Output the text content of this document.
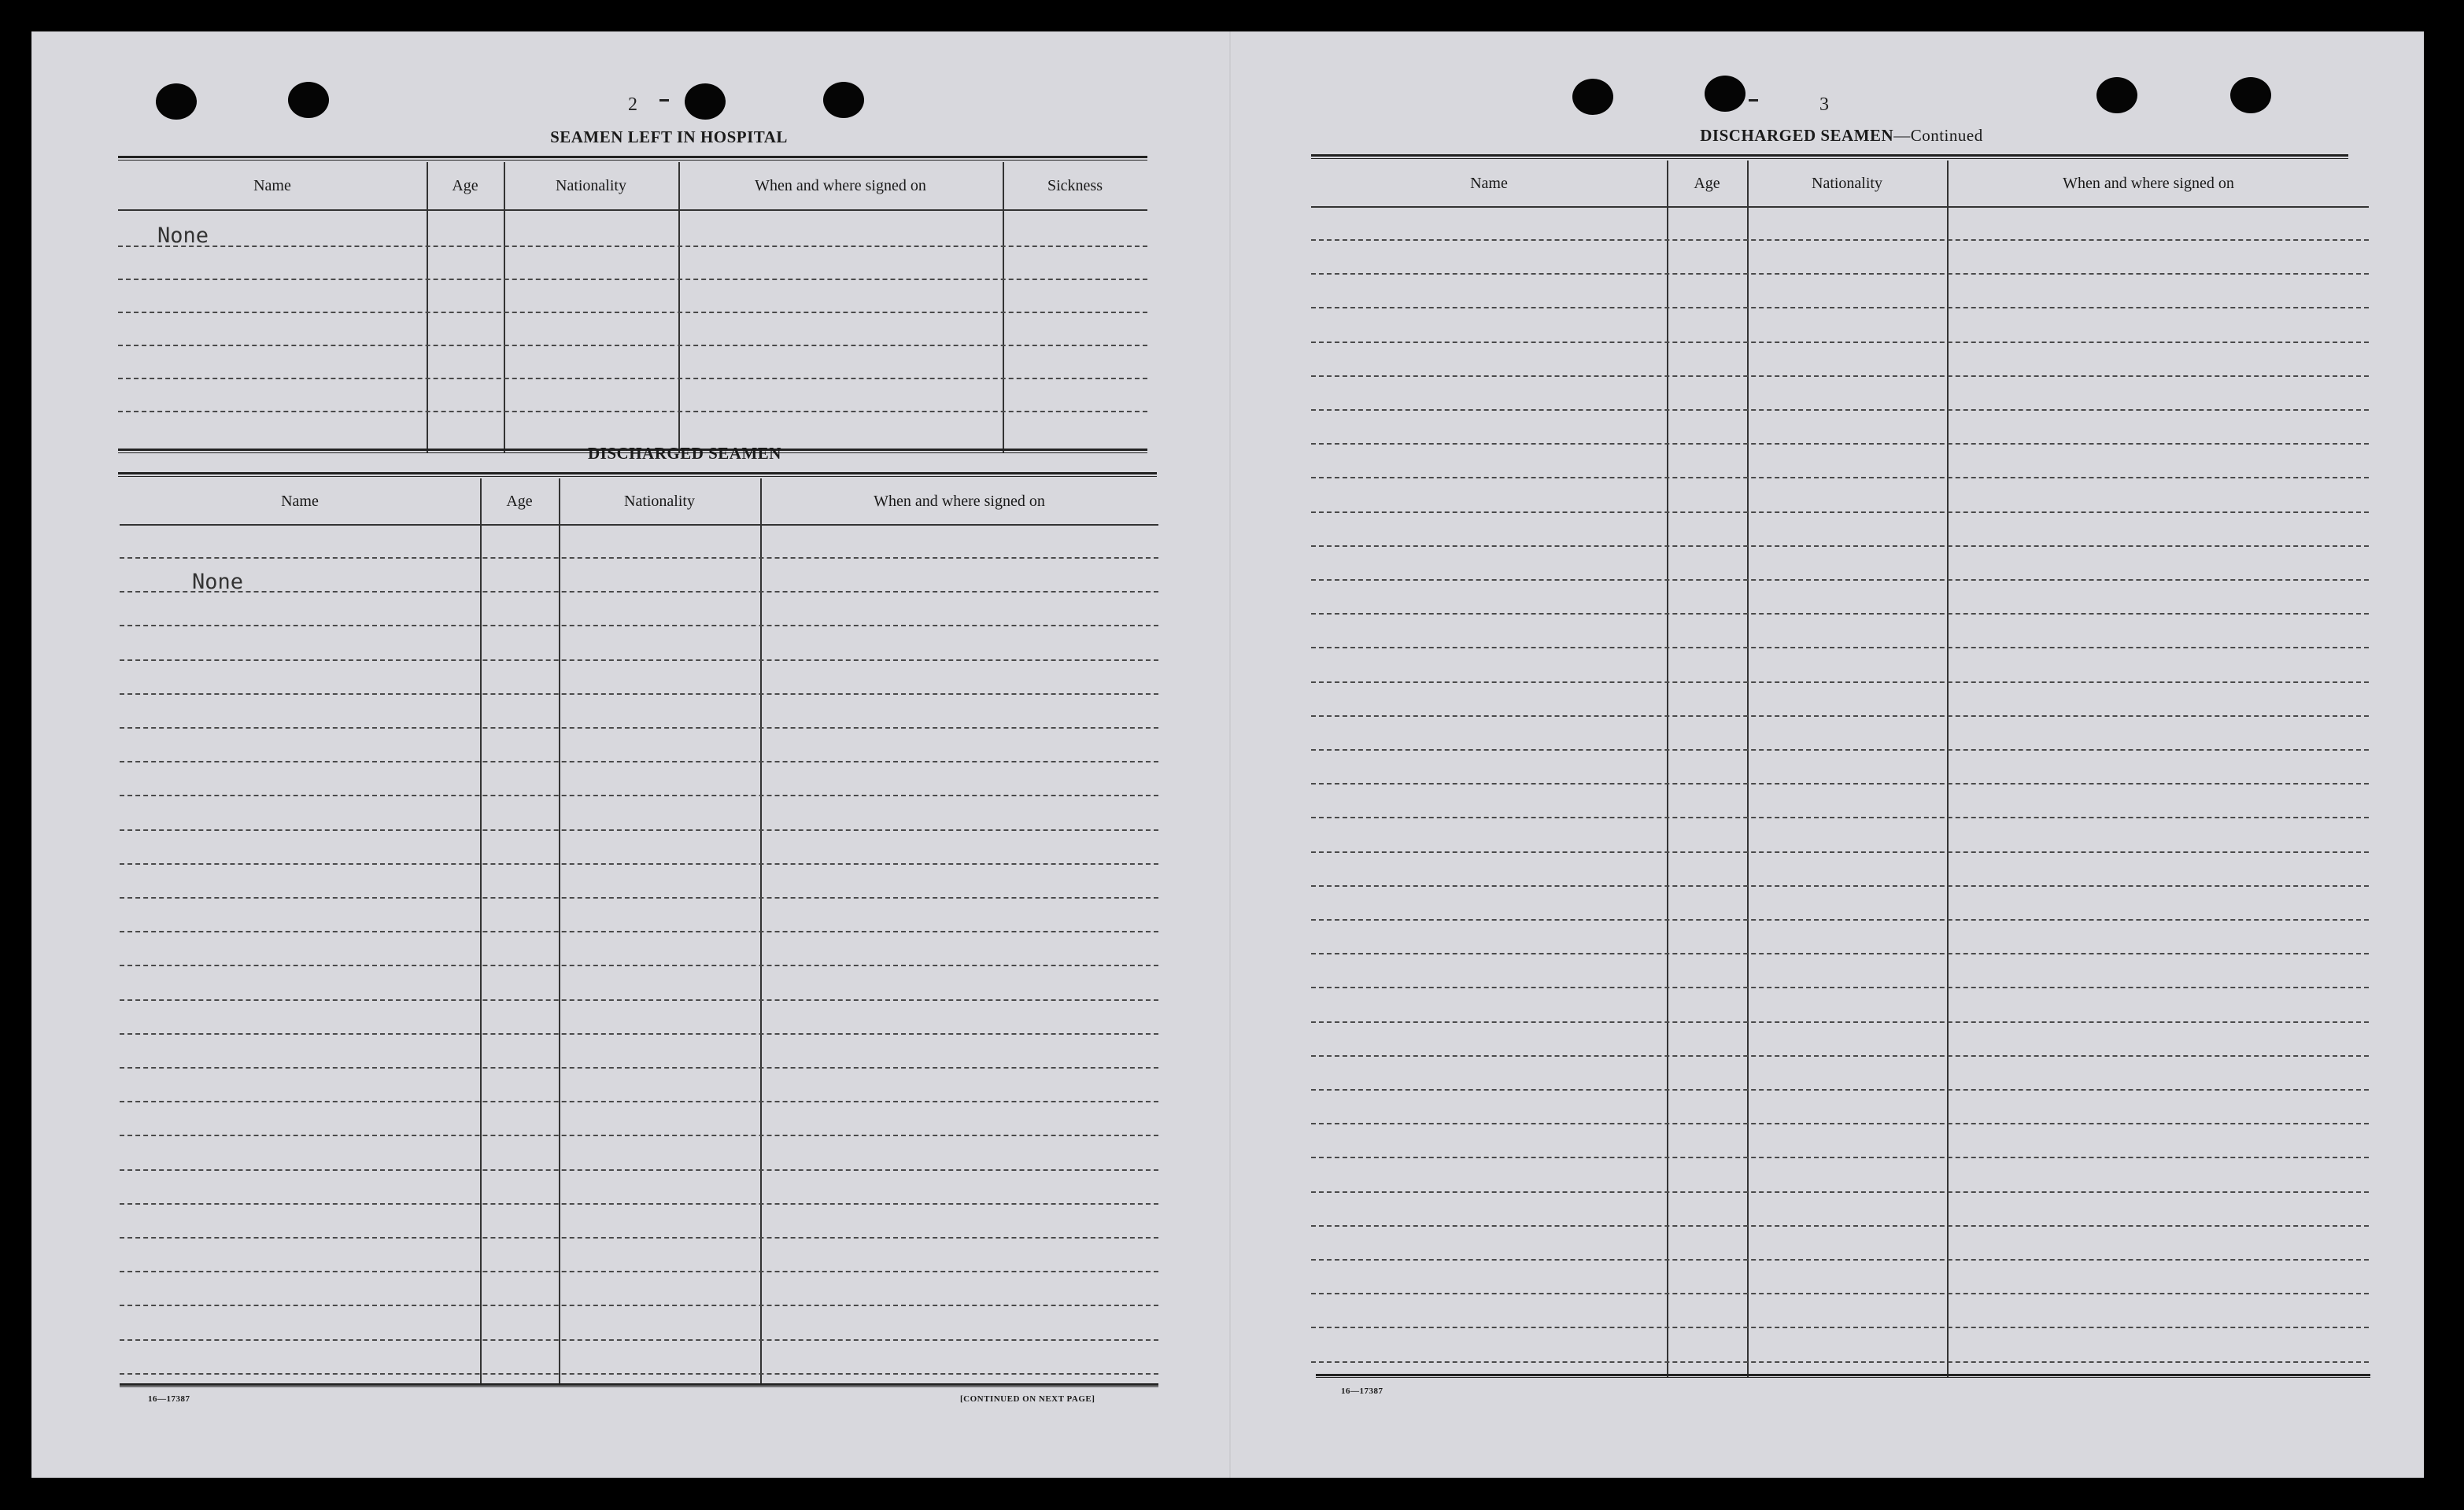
2
SEAMEN LEFT IN HOSPITAL
Name	Age	Nationality	When and where signed on	Sickness
None
DISCHARGED SEAMEN
Name	Age	Nationality	When and where signed on
None
16—17387	[CONTINUED ON NEXT PAGE]
3
DISCHARGED SEAMEN—Continued
Name	Age	Nationality	When and where signed on
16—17387
